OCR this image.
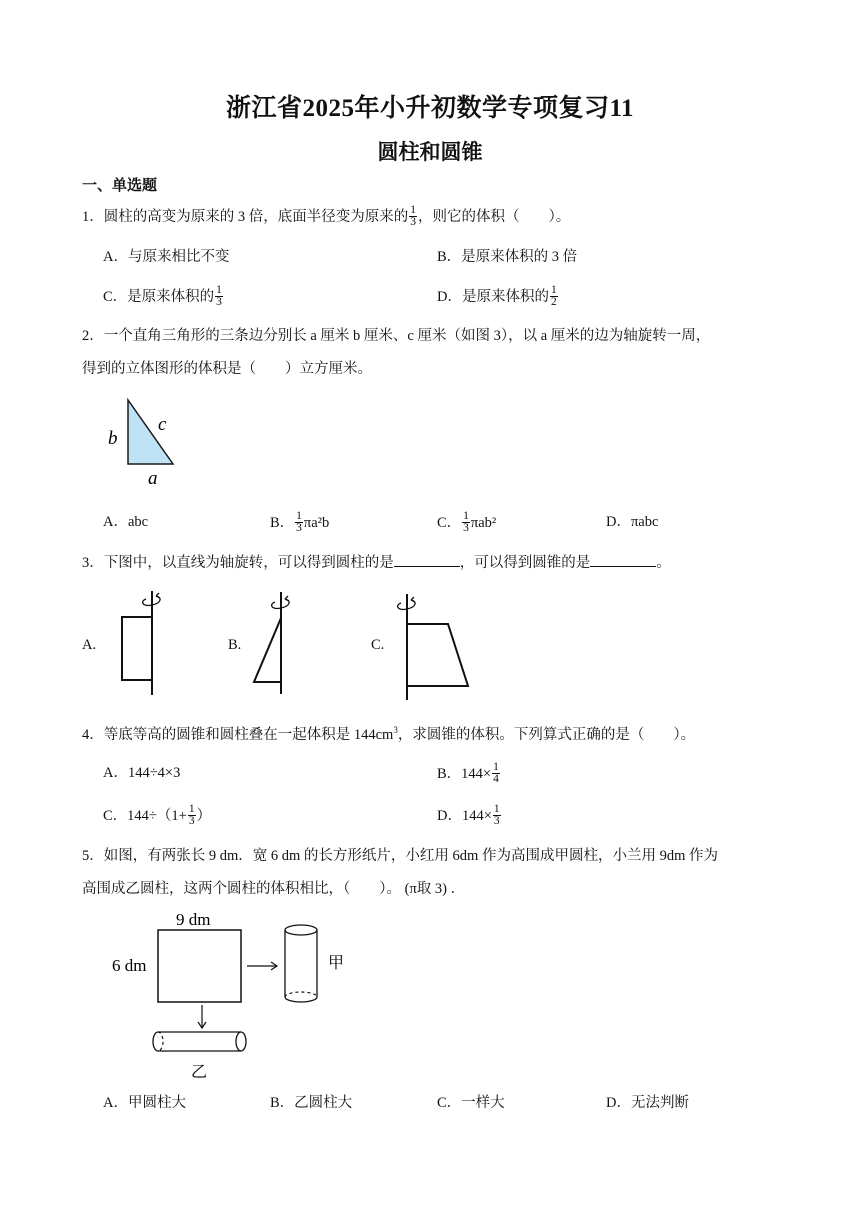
浙江省2025年小升初数学专项复习11
圆柱和圆锥
一、单选题
1．圆柱的高变为原来的 3 倍，底面半径变为原来的 $\frac{1}{3}$ ，则它的体积（　　）。
A．与原来相比不变	B．是原来体积的 3 倍
C．是原来体积的 $\frac{1}{3}$	D．是原来体积的 $\frac{1}{2}$
2．一个直角三角形的三条边分别长 a 厘米 b 厘米、c 厘米（如图 3），以 a 厘米的边为轴旋转一周，
得到的立体图形的体积是（　　）立方厘米。
b
c
a
A．abc	B． $\frac{1}{3} \pi a^2b$	C． $\frac{1}{3} \pi ab^2$	D．πabc
3．下图中，以直线为轴旋转，可以得到圆柱的是	，可以得到圆锥的是	。
A.	B.	C.
4．等底等高的圆锥和圆柱叠在一起体积是 $144cm^3$，求圆锥的体积。下列算式正确的是（　　）。
A．144÷4×3	B．$144\times \frac{1}{4}$
C．$144\div(1+ \frac{1}{3}$ ）	D．$144\times \frac{1}{3}$
5．如图，有两张长 9 dm．宽 6 dm 的长方形纸片，小红用 6dm 作为高围成甲圆柱，小兰用 9dm 作为
高围成乙圆柱，这两个圆柱的体积相比，（　　）。 (π取 3) ．
9 dm
6 dm	甲
乙
A．甲圆柱大	B．乙圆柱大	C．一样大	D．无法判断
